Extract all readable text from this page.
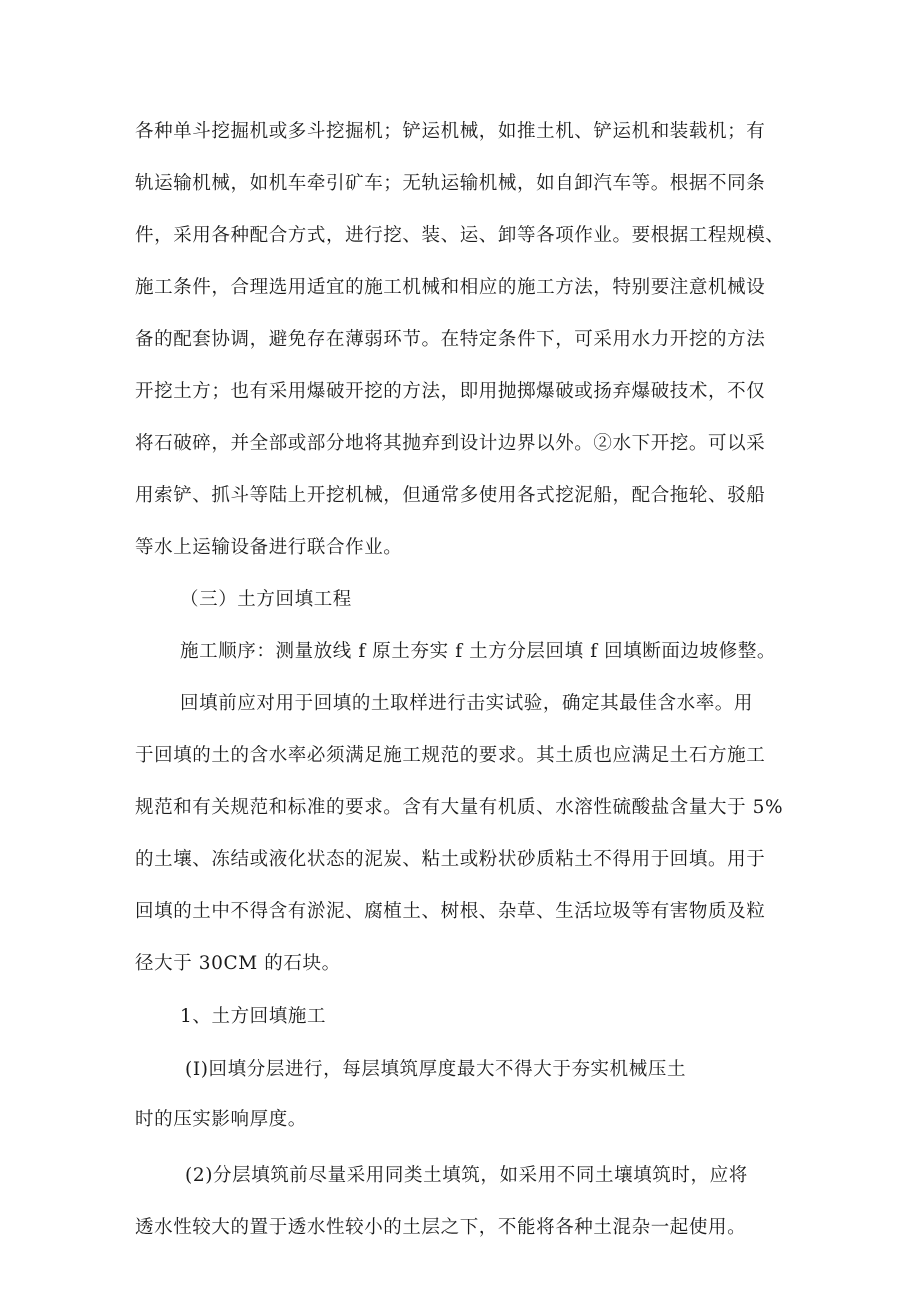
各种单斗挖掘机或多斗挖掘机；铲运机械，如推土机、铲运机和装载机；有
轨运输机械，如机车牵引矿车；无轨运输机械，如自卸汽车等。根据不同条
件，采用各种配合方式，进行挖、装、运、卸等各项作业。要根据工程规模、
施工条件，合理选用适宜的施工机械和相应的施工方法，特别要注意机械设
备的配套协调，避免存在薄弱环节。在特定条件下，可采用水力开挖的方法
开挖土方；也有采用爆破开挖的方法，即用抛掷爆破或扬弃爆破技术，不仅
将石破碎，并全部或部分地将其抛弃到设计边界以外。②水下开挖。可以采
用索铲、抓斗等陆上开挖机械，但通常多使用各式挖泥船，配合拖轮、驳船
等水上运输设备进行联合作业。
（三）土方回填工程
施工顺序：测量放线 f 原土夯实 f 土方分层回填 f 回填断面边坡修整。
回填前应对用于回填的土取样进行击实试验，确定其最佳含水率。用
于回填的土的含水率必须满足施工规范的要求。其土质也应满足土石方施工
规范和有关规范和标准的要求。含有大量有机质、水溶性硫酸盐含量大于 5%
的土壤、冻结或液化状态的泥炭、粘土或粉状砂质粘土不得用于回填。用于
回填的土中不得含有淤泥、腐植土、树根、杂草、生活垃圾等有害物质及粒
径大于 30CM 的石块。
1、土方回填施工
(I)回填分层进行，每层填筑厚度最大不得大于夯实机械压土
时的压实影响厚度。
(2)分层填筑前尽量采用同类土填筑，如采用不同土壤填筑时，应将
透水性较大的置于透水性较小的土层之下，不能将各种土混杂一起使用。
